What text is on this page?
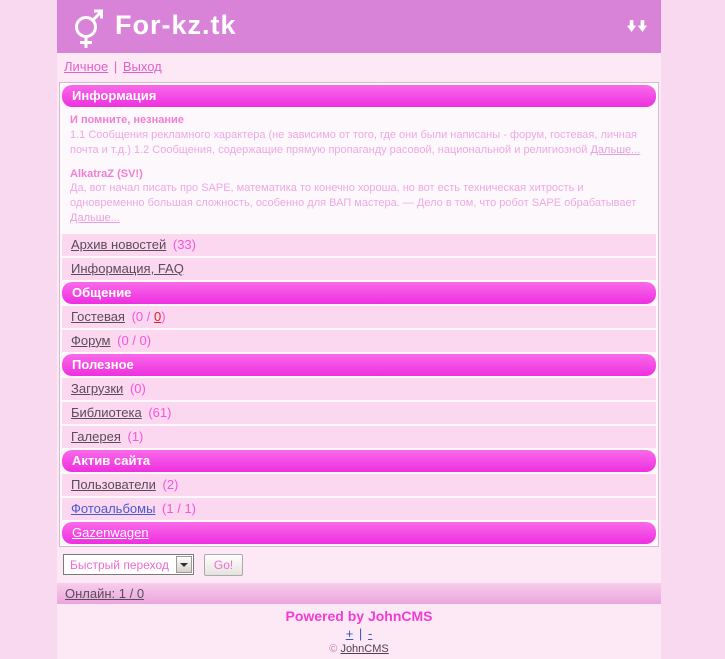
For-kz.tk
Личное | Выход
Информация
И помните, незнание
1.1 Сообщения рекламного характера (не зависимо от того, где они были написаны - форум, гостевая, личная почта и т.д.) 1.2 Сообщения, содержащие прямую пропаганду расовой, национальной и религиозной Дальше...
AlkatraZ (SV!)
Да, вот начал писать про SAPE, математика то конечно хороша, но вот есть техническая хитрость и одновременно большая сложность, особенно для ВАП мастера. — Дело в том, что робот SAPE обрабатывает Дальше...
Архив новостей (33)
Информация, FAQ
Общение
Гостевая (0 / 0)
Форум (0 / 0)
Полезное
Загрузки (0)
Библиотека (61)
Галерея (1)
Актив сайта
Пользователи (2)
Фотоальбомы (1 / 1)
Gazenwagen
Быстрый переход	Go!
Онлайн: 1 / 0
Powered by JohnCMS
+ | -
© JohnCMS
